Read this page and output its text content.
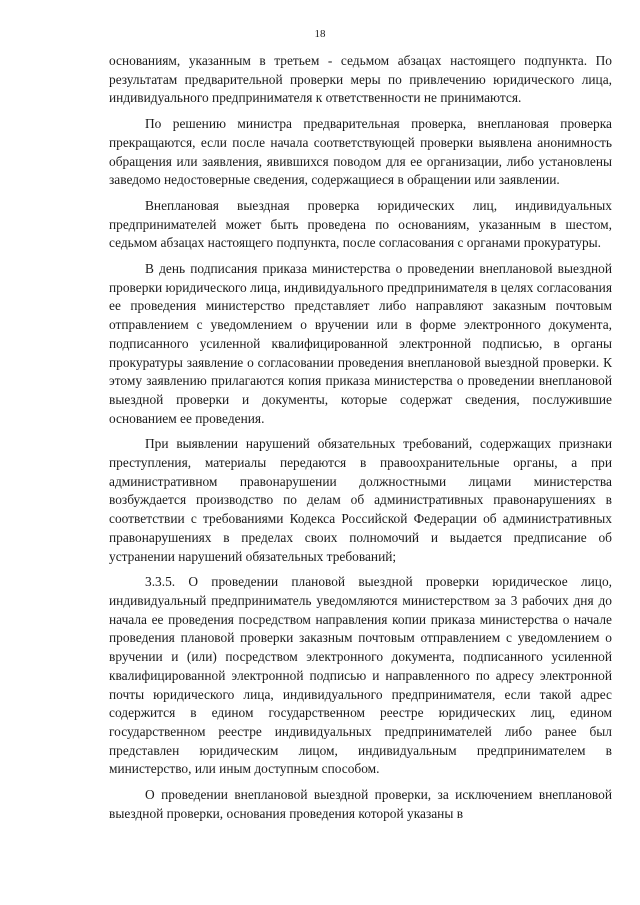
18

основаниям, указанным в третьем - седьмом абзацах настоящего подпункта. По результатам предварительной проверки меры по привлечению юридического лица, индивидуального предпринимателя к ответственности не принимаются.

По решению министра предварительная проверка, внеплановая проверка прекращаются, если после начала соответствующей проверки выявлена анонимность обращения или заявления, явившихся поводом для ее организации, либо установлены заведомо недостоверные сведения, содержащиеся в обращении или заявлении.

Внеплановая выездная проверка юридических лиц, индивидуальных предпринимателей может быть проведена по основаниям, указанным в шестом, седьмом абзацах настоящего подпункта, после согласования с органами прокуратуры.

В день подписания приказа министерства о проведении внеплановой выездной проверки юридического лица, индивидуального предпринимателя в целях согласования ее проведения министерство представляет либо направляют заказным почтовым отправлением с уведомлением о вручении или в форме электронного документа, подписанного усиленной квалифицированной электронной подписью, в органы прокуратуры заявление о согласовании проведения внеплановой выездной проверки. К этому заявлению прилагаются копия приказа министерства о проведении внеплановой выездной проверки и документы, которые содержат сведения, послужившие основанием ее проведения.

При выявлении нарушений обязательных требований, содержащих признаки преступления, материалы передаются в правоохранительные органы, а при административном правонарушении должностными лицами министерства возбуждается производство по делам об административных правонарушениях в соответствии с требованиями Кодекса Российской Федерации об административных правонарушениях в пределах своих полномочий и выдается предписание об устранении нарушений обязательных требований;

3.3.5. О проведении плановой выездной проверки юридическое лицо, индивидуальный предприниматель уведомляются министерством за 3 рабочих дня до начала ее проведения посредством направления копии приказа министерства о начале проведения плановой проверки заказным почтовым отправлением с уведомлением о вручении и (или) посредством электронного документа, подписанного усиленной квалифицированной электронной подписью и направленного по адресу электронной почты юридического лица, индивидуального предпринимателя, если такой адрес содержится в едином государственном реестре юридических лиц, едином государственном реестре индивидуальных предпринимателей либо ранее был представлен юридическим лицом, индивидуальным предпринимателем в министерство, или иным доступным способом.

О проведении внеплановой выездной проверки, за исключением внеплановой выездной проверки, основания проведения которой указаны в
